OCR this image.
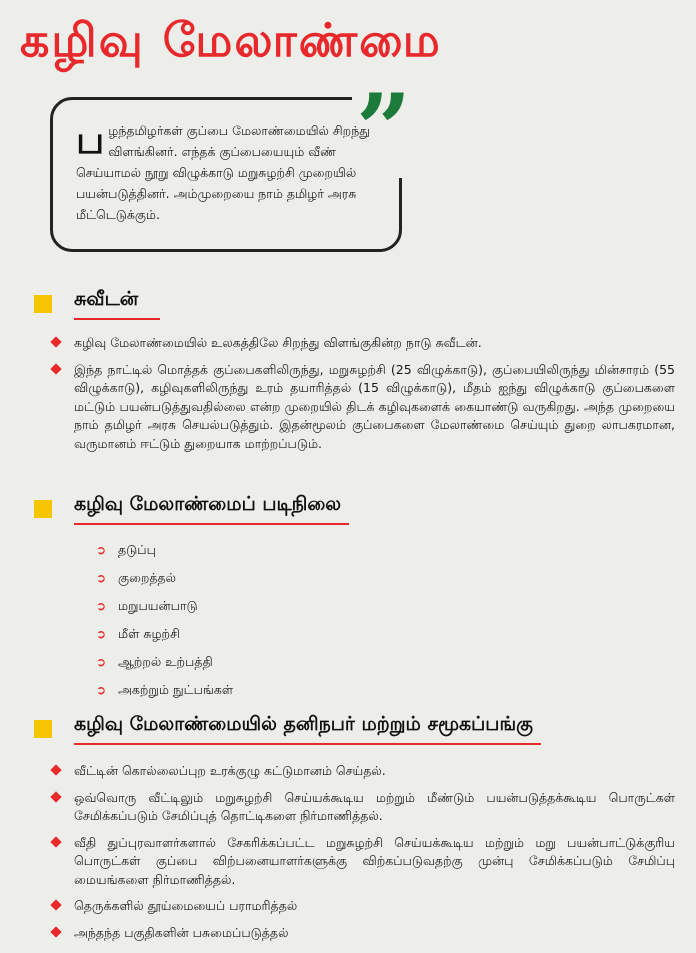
கழிவு மேலாண்மை
”

பழந்தமிழர்கள் குப்பை மேலாண்மையில் சிறந்து விளங்கினர். எந்தக் குப்பையையும் வீண் செய்யாமல் நூறு விழுக்காடு மறுசுழற்சி முறையில் பயன்படுத்தினர். அம்முறையை நாம் தமிழர் அரசு மீட்டெடுக்கும்.

சுவீடன்
கழிவு மேலாண்மையில் உலகத்திலே சிறந்து விளங்குகின்ற நாடு சுவீடன்.
இந்த நாட்டில் மொத்தக் குப்பைகளிலிருந்து, மறுசுழற்சி (25 விழுக்காடு), குப்பையிலிருந்து மின்சாரம் (55 விழுக்காடு), கழிவுகளிலிருந்து உரம் தயாரித்தல் (15 விழுக்காடு), மீதம் ஐந்து விழுக்காடு குப்பைகளை மட்டும் பயன்படுத்துவதில்லை என்ற முறையில் திடக் கழிவுகளைக் கையாண்டு வருகிறது. அந்த முறையை நாம் தமிழர் அரசு செயல்படுத்தும். இதன்மூலம் குப்பைகளை மேலாண்மை செய்யும் துறை லாபகரமான, வருமானம் ஈட்டும் துறையாக மாற்றப்படும்.
கழிவு மேலாண்மைப் படிநிலை
➲ தடுப்பு
➲ குறைத்தல்
➲ மறுபயன்பாடு
➲ மீள் சுழற்சி
➲ ஆற்றல் உற்பத்தி
➲ அகற்றும் நுட்பங்கள்
கழிவு மேலாண்மையில் தனிநபர் மற்றும் சமூகப்பங்கு
வீட்டின் கொல்லைப்புற உரக்குழு கட்டுமானம் செய்தல்.
ஒவ்வொரு வீட்டிலும் மறுசுழற்சி செய்யக்கூடிய மற்றும் மீண்டும் பயன்படுத்தக்கூடிய பொருட்கள் சேமிக்கப்படும் சேமிப்புத் தொட்டிகளை நிர்மாணித்தல்.
வீதி துப்புரவாளர்களால் சேகரிக்கப்பட்ட மறுசுழற்சி செய்யக்கூடிய மற்றும் மறு பயன்பாட்டுக்குரிய பொருட்கள் குப்பை விற்பனையாளர்களுக்கு விற்கப்படுவதற்கு முன்பு சேமிக்கப்படும் சேமிப்பு மையங்களை நிர்மாணித்தல்.
தெருக்களில் தூய்மையைப் பராமரித்தல்
அந்தந்த பகுதிகளின் பசுமைப்படுத்தல்
